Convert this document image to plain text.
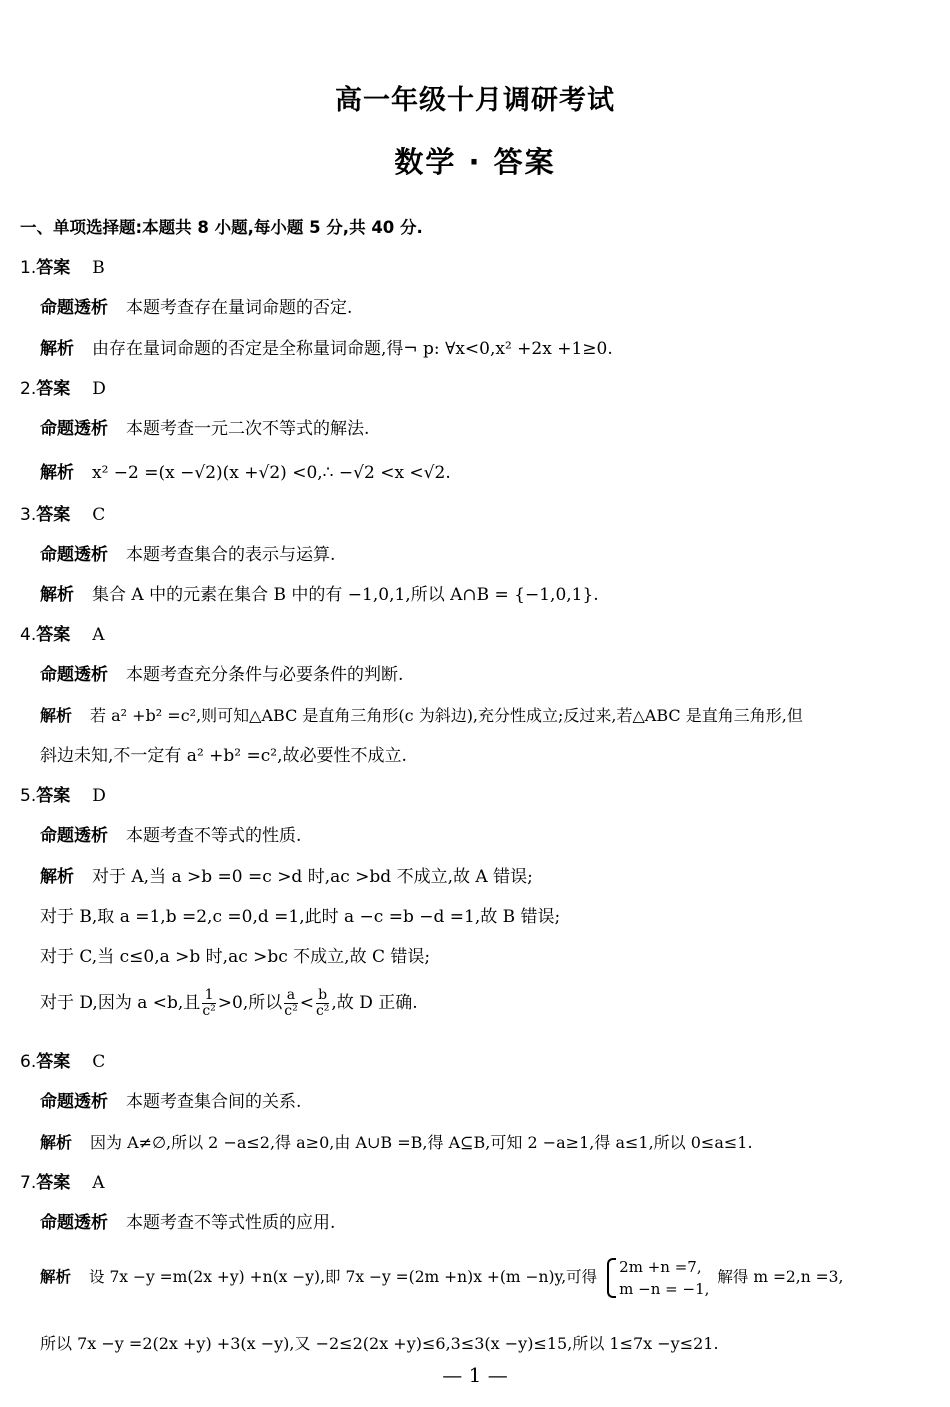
高一年级十月调研考试
数学 · 答案
一、单项选择题:本题共 8 小题,每小题 5 分,共 40 分.
1.答案 B
命题透析 本题考查存在量词命题的否定.
解析 由存在量词命题的否定是全称量词命题,得¬ p: ∀x<0,x² +2x +1≥0.
2.答案 D
命题透析 本题考查一元二次不等式的解法.
解析 x² −2 =(x −√2)(x +√2) <0,∴ −√2 <x <√2.
3.答案 C
命题透析 本题考查集合的表示与运算.
解析 集合 A 中的元素在集合 B 中的有 −1,0,1,所以 A∩B = {−1,0,1}.
4.答案 A
命题透析 本题考查充分条件与必要条件的判断.
解析 若 a² +b² =c²,则可知△ABC 是直角三角形(c 为斜边),充分性成立;反过来,若△ABC 是直角三角形,但
斜边未知,不一定有 a² +b² =c²,故必要性不成立.
5.答案 D
命题透析 本题考查不等式的性质.
解析 对于 A,当 a >b =0 =c >d 时,ac >bd 不成立,故 A 错误;
对于 B,取 a =1,b =2,c =0,d =1,此时 a −c =b −d =1,故 B 错误;
对于 C,当 c≤0,a >b 时,ac >bc 不成立,故 C 错误;
对于 D,因为 a <b,且 $\frac{1}{\text{c²}} >0$,所以 $\frac{a}{\text{c²}} < \frac{b}{\text{c²}}$ ,故 D 正确.
6.答案 C
命题透析 本题考查集合间的关系.
解析 因为 A≠∅,所以 2 −a≤2,得 a≥0,由 A∪B =B,得 A⊆B,可知 2 −a≥1,得 a≤1,所以 0≤a≤1.
7.答案 A
命题透析 本题考查不等式性质的应用.
解析 设 7x −y =m(2x +y) +n(x −y),即 7x −y =(2m +n)x +(m −n)y,可得
2m +n =7,
m −n = −1,
解得 m =2,n =3,
所以 7x −y =2(2x +y) +3(x −y),又 −2≤2(2x +y)≤6,3≤3(x −y)≤15,所以 1≤7x −y≤21.
— 1 —
